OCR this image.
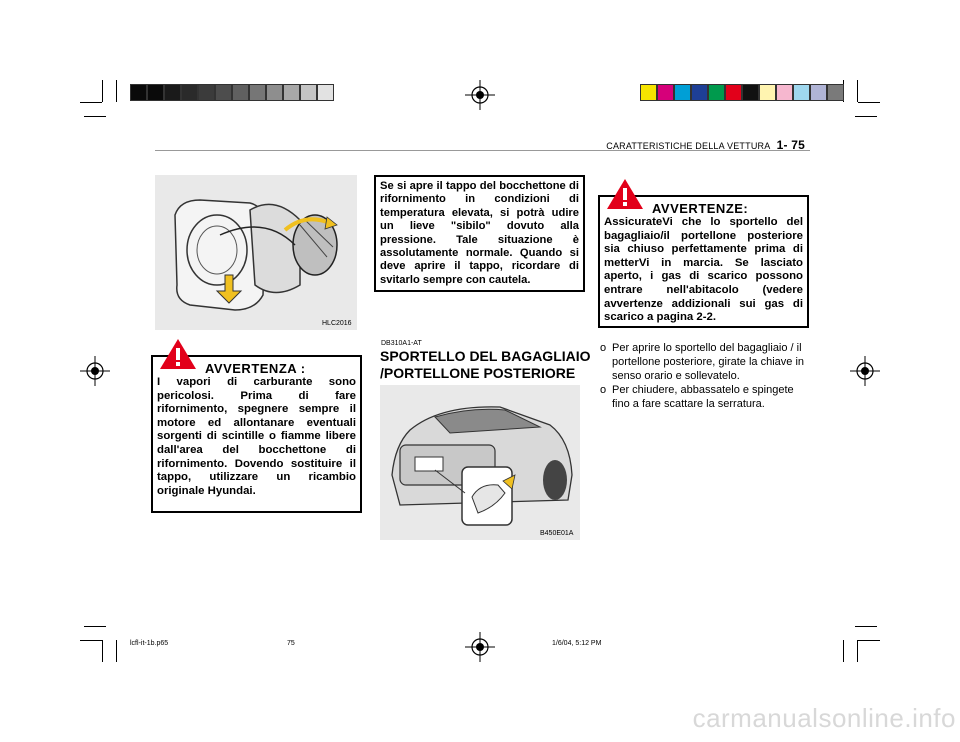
CARATTERISTICHE DELLA VETTURA 1- 75
HLC2016
Se si apre il tappo del bocchettone di rifornimento in condizioni di temperatura elevata, si potrà udire un lieve "sibilo" dovuto alla pressione. Tale situazione è assolutamente normale. Quando si deve aprire il tappo, ricordare di svitarlo sempre con cautela.
AVVERTENZA :
I vapori di carburante sono pericolosi. Prima di fare rifornimento, spegnere sempre il motore ed allontanare eventuali sorgenti di scintille o fiamme libere dall'area del bocchettone di rifornimento. Dovendo sostituire il tappo, utilizzare un ricambio originale Hyundai.
DB310A1-AT
SPORTELLO DEL BAGAGLIAIO
/PORTELLONE POSTERIORE
B450E01A
AVVERTENZE:
AssicurateVi che lo sportello del bagagliaio/il portellone posteriore sia chiuso perfettamente prima di metterVi in marcia. Se lasciato aperto, i gas di scarico possono entrare nell'abitacolo (vedere avvertenze addizionali sui gas di scarico a pagina 2-2.
o Per aprire lo sportello del bagagliaio / il portellone posteriore, girate la chiave in senso orario e sollevatelo.
o Per chiudere, abbassatelo e spingete fino a fare scattare la serratura.
lcfl-it-1b.p65	75	1/6/04, 5:12 PM
carmanualsonline.info
